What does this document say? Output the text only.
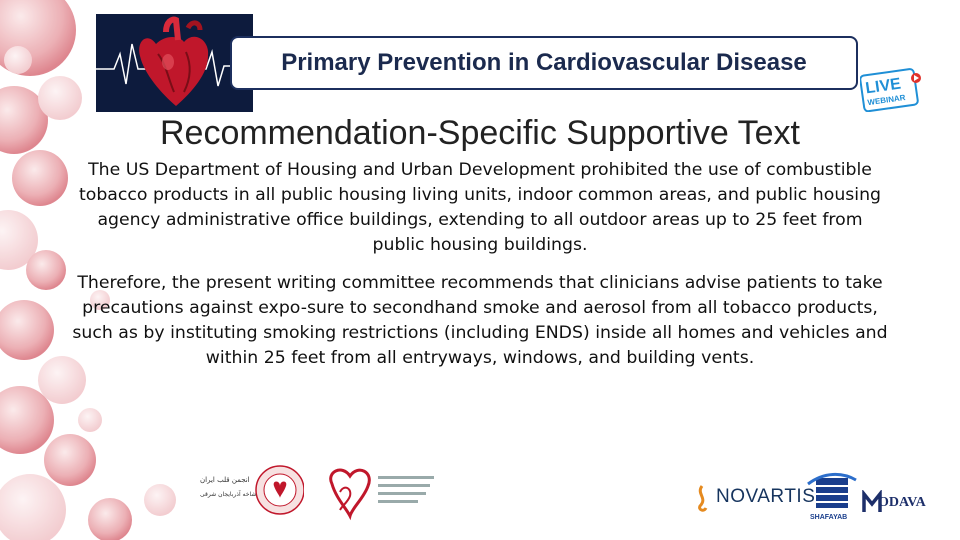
Primary Prevention in Cardiovascular Disease
LIVE
WEBINAR
Recommendation-Specific Supportive Text
The US Department of Housing and Urban Development prohibited the use of combustible tobacco products in all public housing living units, indoor common areas, and public housing agency administrative office buildings, extending to all outdoor areas up to 25 feet from public housing buildings.
Therefore, the present writing committee recommends that clinicians advise patients to take precautions against expo-sure to secondhand smoke and aerosol from all tobacco products, such as by instituting smoking restrictions (including ENDS) inside all homes and vehicles and within 25 feet from all entryways, windows, and building vents.
انجمن قلب ایران
شاخه آذربایجان شرقی	NOVARTIS
SHAFAYAB
ODAVA
